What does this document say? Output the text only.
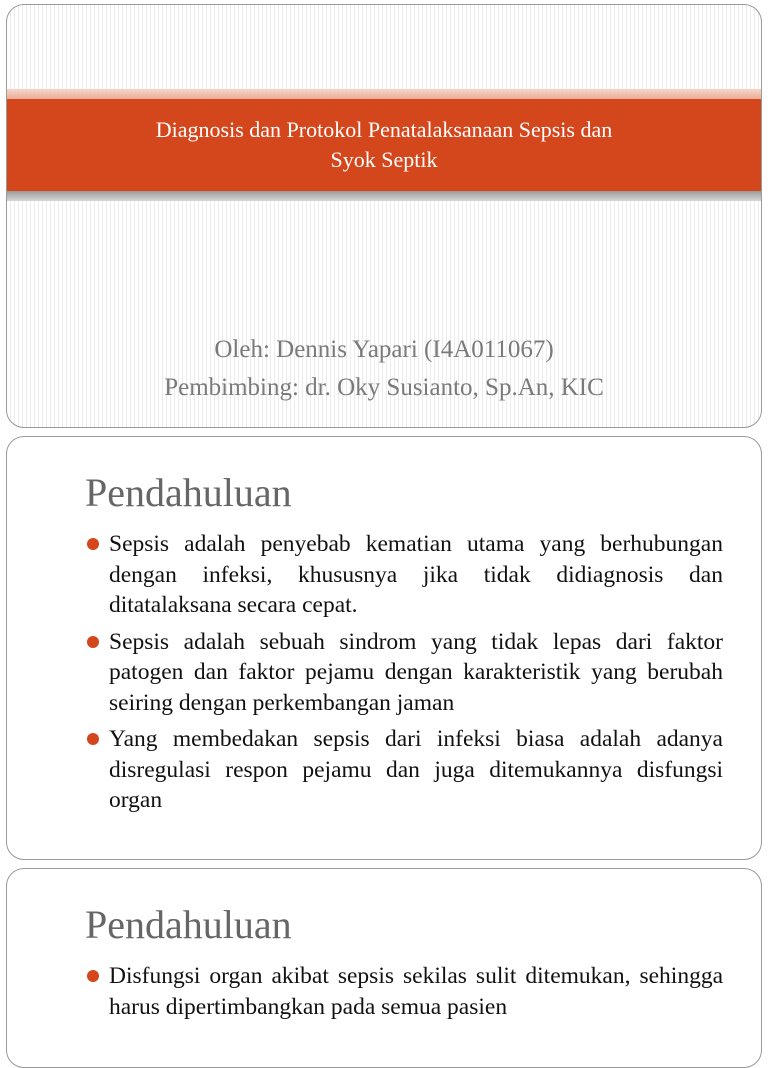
Diagnosis dan Protokol Penatalaksanaan Sepsis dan
Syok Septik
Oleh: Dennis Yapari (I4A011067)
Pembimbing: dr. Oky Susianto, Sp.An, KIC
Pendahuluan
Sepsis adalah penyebab kematian utama yang berhubungan dengan infeksi, khususnya jika tidak didiagnosis dan ditatalaksana secara cepat.
Sepsis adalah sebuah sindrom yang tidak lepas dari faktor patogen dan faktor pejamu dengan karakteristik yang berubah seiring dengan perkembangan jaman
Yang membedakan sepsis dari infeksi biasa adalah adanya disregulasi respon pejamu dan juga ditemukannya disfungsi organ
Pendahuluan
Disfungsi organ akibat sepsis sekilas sulit ditemukan, sehingga harus dipertimbangkan pada semua pasien
